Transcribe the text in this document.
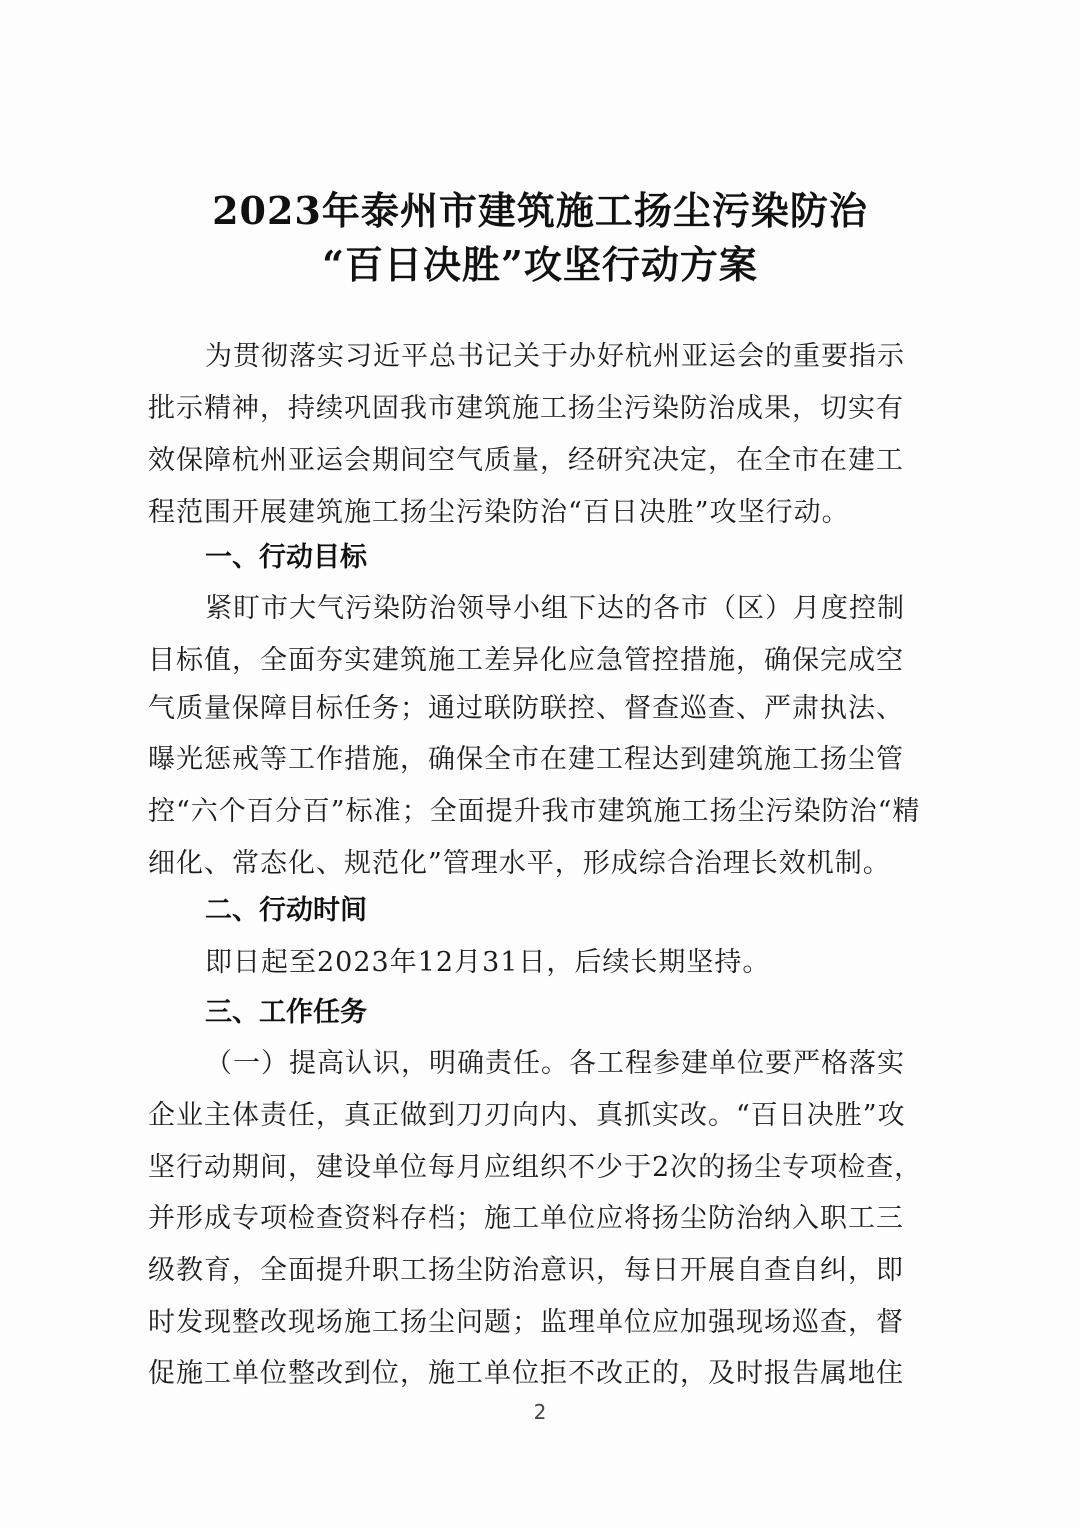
2023年泰州市建筑施工扬尘污染防治
“百日决胜”攻坚行动方案
为贯彻落实习近平总书记关于办好杭州亚运会的重要指示
批示精神，持续巩固我市建筑施工扬尘污染防治成果，切实有
效保障杭州亚运会期间空气质量，经研究决定，在全市在建工
程范围开展建筑施工扬尘污染防治“百日决胜”攻坚行动。
一、行动目标
紧盯市大气污染防治领导小组下达的各市（区）月度控制
目标值，全面夯实建筑施工差异化应急管控措施，确保完成空
气质量保障目标任务；通过联防联控、督查巡查、严肃执法、
曝光惩戒等工作措施，确保全市在建工程达到建筑施工扬尘管
控“六个百分百”标准；全面提升我市建筑施工扬尘污染防治“精
细化、常态化、规范化”管理水平，形成综合治理长效机制。
二、行动时间
即日起至2023年12月31日，后续长期坚持。
三、工作任务
（一）提高认识，明确责任。各工程参建单位要严格落实
企业主体责任，真正做到刀刃向内、真抓实改。“百日决胜”攻
坚行动期间，建设单位每月应组织不少于2次的扬尘专项检查，
并形成专项检查资料存档；施工单位应将扬尘防治纳入职工三
级教育，全面提升职工扬尘防治意识，每日开展自查自纠，即
时发现整改现场施工扬尘问题；监理单位应加强现场巡查，督
促施工单位整改到位，施工单位拒不改正的，及时报告属地住
2
